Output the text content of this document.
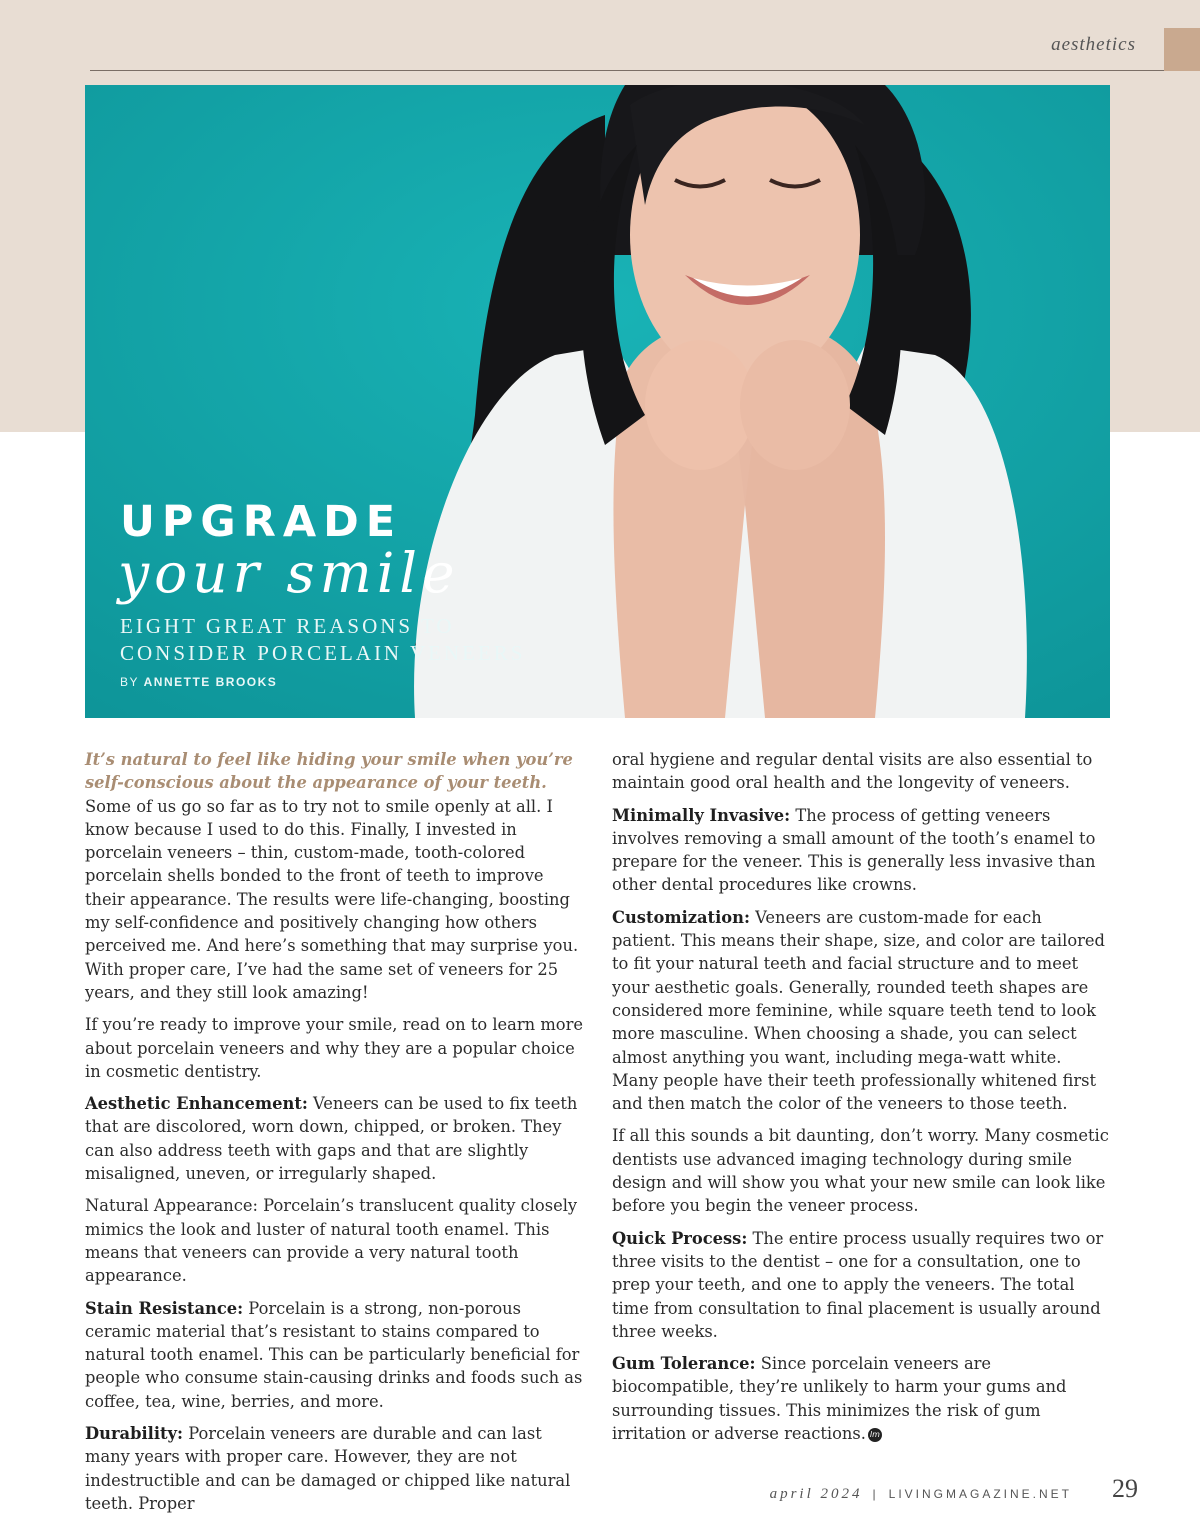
aesthetics
UPGRADE
your smile
EIGHT GREAT REASONS TO CONSIDER PORCELAIN VENEERS
BY ANNETTE BROOKS

It’s natural to feel like hiding your smile when you’re self-conscious about the appearance of your teeth. Some of us go so far as to try not to smile openly at all. I know because I used to do this. Finally, I invested in porcelain veneers – thin, custom-made, tooth-colored porcelain shells bonded to the front of teeth to improve their appearance. The results were life-changing, boosting my self-confidence and positively changing how others perceived me. And here’s something that may surprise you. With proper care, I’ve had the same set of veneers for 25 years, and they still look amazing!

If you’re ready to improve your smile, read on to learn more about porcelain veneers and why they are a popular choice in cosmetic dentistry.

Aesthetic Enhancement: Veneers can be used to fix teeth that are discolored, worn down, chipped, or broken. They can also address teeth with gaps and that are slightly misaligned, uneven, or irregularly shaped.

Natural Appearance: Porcelain’s translucent quality closely mimics the look and luster of natural tooth enamel. This means that veneers can provide a very natural tooth appearance.

Stain Resistance: Porcelain is a strong, non-porous ceramic material that’s resistant to stains compared to natural tooth enamel. This can be particularly beneficial for people who consume stain-causing drinks and foods such as coffee, tea, wine, berries, and more.

Durability: Porcelain veneers are durable and can last many years with proper care. However, they are not indestructible and can be damaged or chipped like natural teeth. Proper

oral hygiene and regular dental visits are also essential to maintain good oral health and the longevity of veneers.

Minimally Invasive: The process of getting veneers involves removing a small amount of the tooth’s enamel to prepare for the veneer. This is generally less invasive than other dental procedures like crowns.

Customization: Veneers are custom-made for each patient. This means their shape, size, and color are tailored to fit your natural teeth and facial structure and to meet your aesthetic goals. Generally, rounded teeth shapes are considered more feminine, while square teeth tend to look more masculine. When choosing a shade, you can select almost anything you want, including mega-watt white. Many people have their teeth professionally whitened first and then match the color of the veneers to those teeth.

If all this sounds a bit daunting, don’t worry. Many cosmetic dentists use advanced imaging technology during smile design and will show you what your new smile can look like before you begin the veneer process.

Quick Process: The entire process usually requires two or three visits to the dentist – one for a consultation, one to prep your teeth, and one to apply the veneers. The total time from consultation to final placement is usually around three weeks.

Gum Tolerance: Since porcelain veneers are biocompatible, they’re unlikely to harm your gums and surrounding tissues. This minimizes the risk of gum irritation or adverse reactions. lm

april 2024 | LIVINGMAGAZINE.NET 29
